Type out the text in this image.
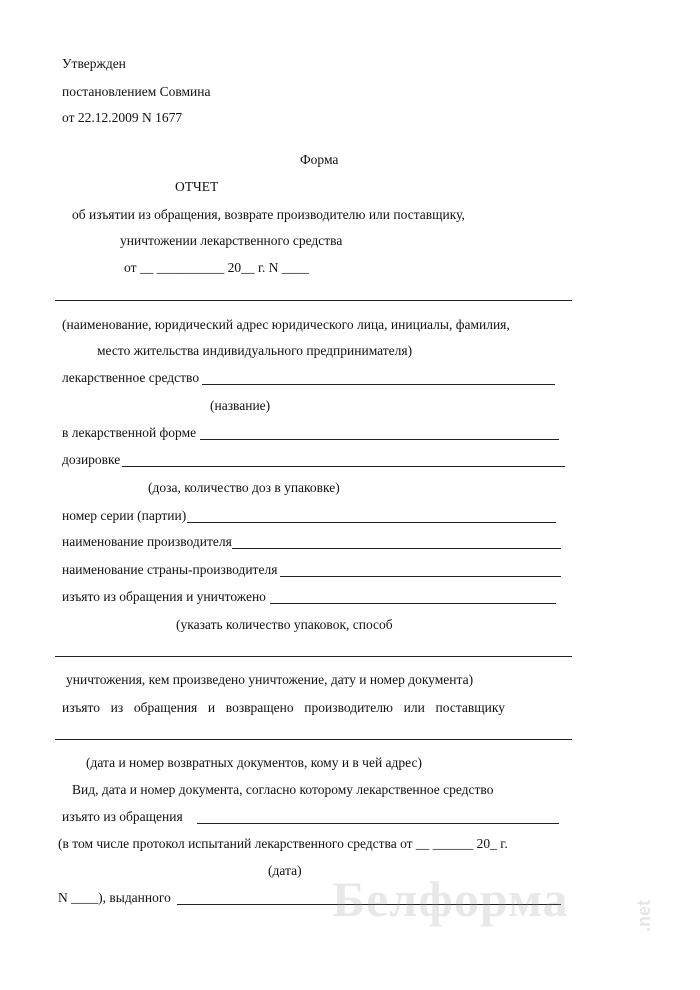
Утвержден
постановлением Совмина
от 22.12.2009 N 1677
Форма
ОТЧЕТ
об изъятии из обращения, возврате производителю или поставщику,
уничтожении лекарственного средства
от __ __________ 20__ г. N ____
(наименование, юридический адрес юридического лица, инициалы, фамилия,
место жительства индивидуального предпринимателя)
лекарственное средство
(название)
в лекарственной форме
дозировке
(доза, количество доз в упаковке)
номер серии (партии)
наименование производителя
наименование страны-производителя
изъято из обращения и уничтожено
(указать количество упаковок, способ
уничтожения, кем произведено уничтожение, дату и номер документа)
изъято из обращения и возвращено производителю или поставщику
(дата и номер возвратных документов, кому и в чей адрес)
Вид, дата и номер документа, согласно которому лекарственное средство
изъято из обращения
(в том числе протокол испытаний лекарственного средства от __ ______ 20_ г.
(дата)
N ____), выданного	Белформа	.net
